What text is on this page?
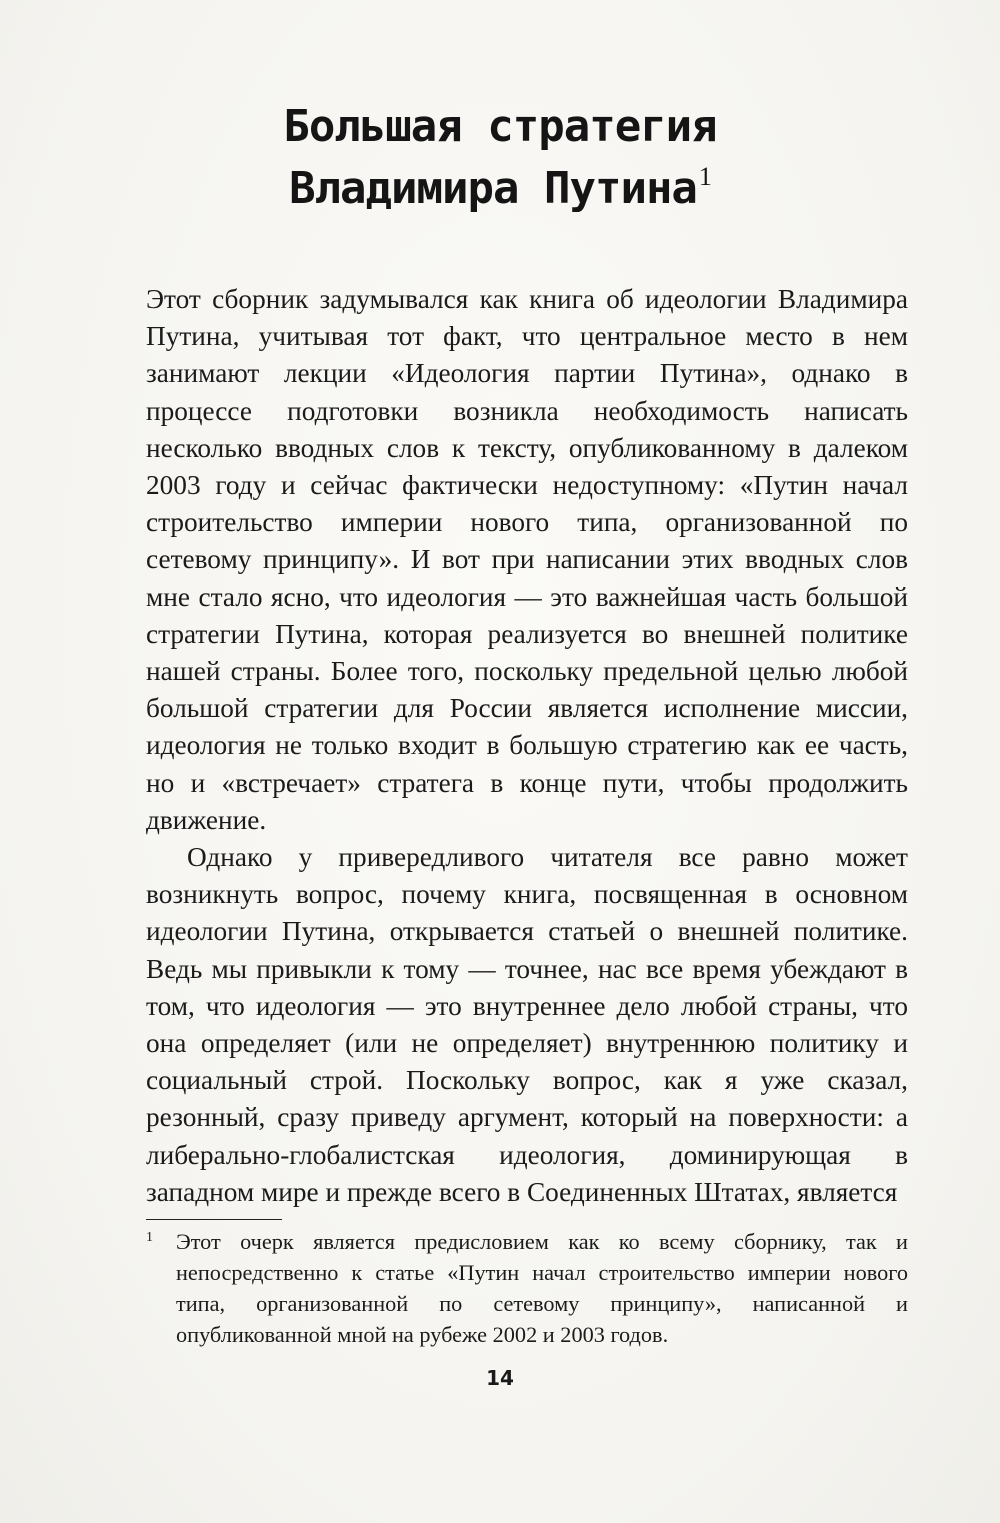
Большая стратегия
Владимира Путина$^1$

Этот сборник задумывался как книга об идеологии Владимира Путина, учитывая тот факт, что центральное место в нем занимают лекции «Идеология партии Путина», однако в процессе подготовки возникла необходимость написать несколько вводных слов к тексту, опубликованному в далеком 2003 году и сейчас фактически недоступному: «Путин начал строительство империи нового типа, организованной по сетевому принципу». И вот при написании этих вводных слов мне стало ясно, что идеология — это важнейшая часть большой стратегии Путина, которая реализуется во внешней политике нашей страны. Более того, поскольку предельной целью любой большой стратегии для России является исполнение миссии, идеология не только входит в большую стратегию как ее часть, но и «встречает» стратега в конце пути, чтобы продолжить движение.

Однако у привередливого читателя все равно может возникнуть вопрос, почему книга, посвященная в основном идеологии Путина, открывается статьей о внешней политике. Ведь мы привыкли к тому — точнее, нас все время убеждают в том, что идеология — это внутреннее дело любой страны, что она определяет (или не определяет) внутреннюю политику и социальный строй. Поскольку вопрос, как я уже сказал, резонный, сразу приведу аргумент, который на поверхности: а либерально-глобалистская идеология, доминирующая в западном мире и прежде всего в Соединенных Штатах, является

1 Этот очерк является предисловием как ко всему сборнику, так и непосредственно к статье «Путин начал строительство империи нового типа, организованной по сетевому принципу», написанной и опубликованной мной на рубеже 2002 и 2003 годов.
14
